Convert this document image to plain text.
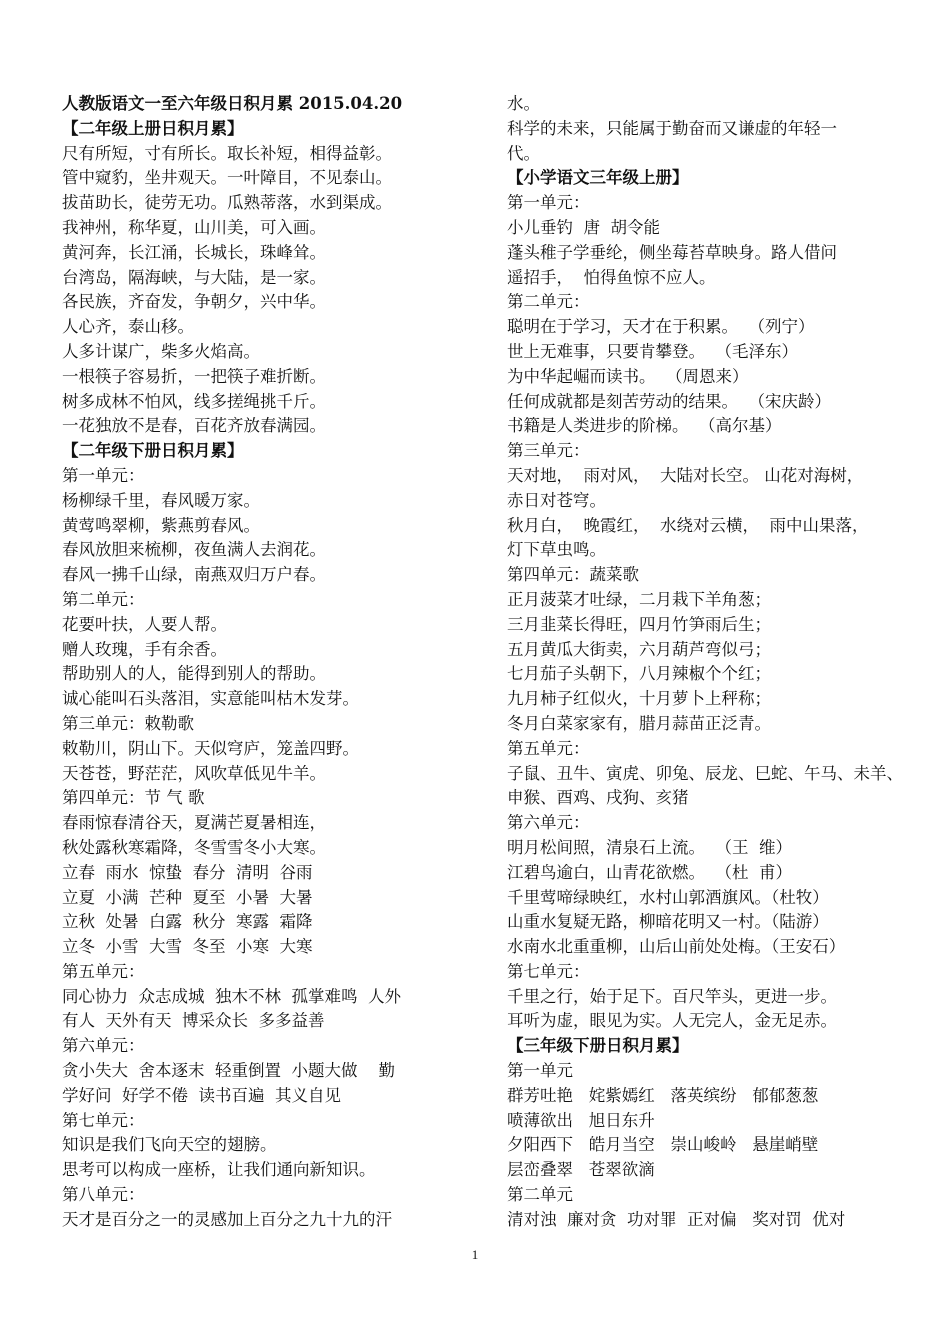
人教版语文一至六年级日积月累 2015.04.20
【二年级上册日积月累】
尺有所短，寸有所长。取长补短，相得益彰。
管中窥豹，坐井观天。一叶障目，不见泰山。
拔苗助长，徒劳无功。瓜熟蒂落，水到渠成。
我神州，称华夏，山川美，可入画。
黄河奔，长江涌，长城长，珠峰耸。
台湾岛，隔海峡，与大陆，是一家。
各民族，齐奋发，争朝夕，兴中华。
人心齐，泰山移。
人多计谋广，柴多火焰高。
一根筷子容易折，一把筷子难折断。
树多成林不怕风，线多搓绳挑千斤。
一花独放不是春，百花齐放春满园。
【二年级下册日积月累】
第一单元：
杨柳绿千里，春风暖万家。
黄莺鸣翠柳，紫燕剪春风。
春风放胆来梳柳，夜鱼满人去润花。
春风一拂千山绿，南燕双归万户春。
第二单元：
花要叶扶，人要人帮。
赠人玫瑰，手有余香。
帮助别人的人，能得到别人的帮助。
诚心能叫石头落泪，实意能叫枯木发芽。
第三单元：敕勒歌
敕勒川，阴山下。天似穹庐，笼盖四野。
天苍苍，野茫茫，风吹草低见牛羊。
第四单元：节 气 歌
春雨惊春清谷天，夏满芒夏暑相连，
秋处露秋寒霜降，冬雪雪冬小大寒。
立春  雨水  惊蛰  春分  清明  谷雨
立夏  小满  芒种  夏至  小暑  大暑
立秋  处暑  白露  秋分  寒露  霜降
立冬  小雪  大雪  冬至  小寒  大寒
第五单元：
同心协力  众志成城  独木不林  孤掌难鸣  人外
有人  天外有天  博采众长  多多益善
第六单元：
贪小失大  舍本逐末  轻重倒置  小题大做    勤
学好问  好学不倦  读书百遍  其义自见
第七单元：
知识是我们飞向天空的翅膀。
思考可以构成一座桥，让我们通向新知识。
第八单元：
天才是百分之一的灵感加上百分之九十九的汗
水。
科学的未来，只能属于勤奋而又谦虚的年轻一
代。
【小学语文三年级上册】
第一单元：
小儿垂钓  唐  胡令能
蓬头稚子学垂纶，侧坐莓苔草映身。路人借问
遥招手，  怕得鱼惊不应人。
第二单元：
聪明在于学习，天才在于积累。  （列宁）
世上无难事，只要肯攀登。  （毛泽东）
为中华起崛而读书。  （周恩来）
任何成就都是刻苦劳动的结果。  （宋庆龄）
书籍是人类进步的阶梯。  （高尔基）
第三单元：
天对地，  雨对风，  大陆对长空。 山花对海树，
赤日对苍穹。
秋月白，  晚霞红，  水绕对云横，  雨中山果落，
灯下草虫鸣。
第四单元：蔬菜歌
正月菠菜才吐绿，二月栽下羊角葱；
三月韭菜长得旺，四月竹笋雨后生；
五月黄瓜大街卖，六月葫芦弯似弓；
七月茄子头朝下，八月辣椒个个红；
九月柿子红似火，十月萝卜上秤称；
冬月白菜家家有，腊月蒜苗正泛青。
第五单元：
子鼠、丑牛、寅虎、卯兔、辰龙、巳蛇、午马、未羊、
申猴、酉鸡、戌狗、亥猪
第六单元：
明月松间照，清泉石上流。  （王  维）
江碧鸟逾白，山青花欲燃。  （杜  甫）
千里莺啼绿映红，水村山郭酒旗风。（杜牧）
山重水复疑无路，柳暗花明又一村。（陆游）
水南水北重重柳，山后山前处处梅。（王安石）
第七单元：
千里之行，始于足下。百尺竿头，更进一步。
耳听为虚，眼见为实。人无完人，金无足赤。
【三年级下册日积月累】
第一单元
群芳吐艳   姹紫嫣红   落英缤纷   郁郁葱葱
喷薄欲出   旭日东升
夕阳西下   皓月当空   崇山峻岭   悬崖峭壁
层峦叠翠   苍翠欲滴
第二单元
清对浊  廉对贪  功对罪  正对偏   奖对罚  优对
1
